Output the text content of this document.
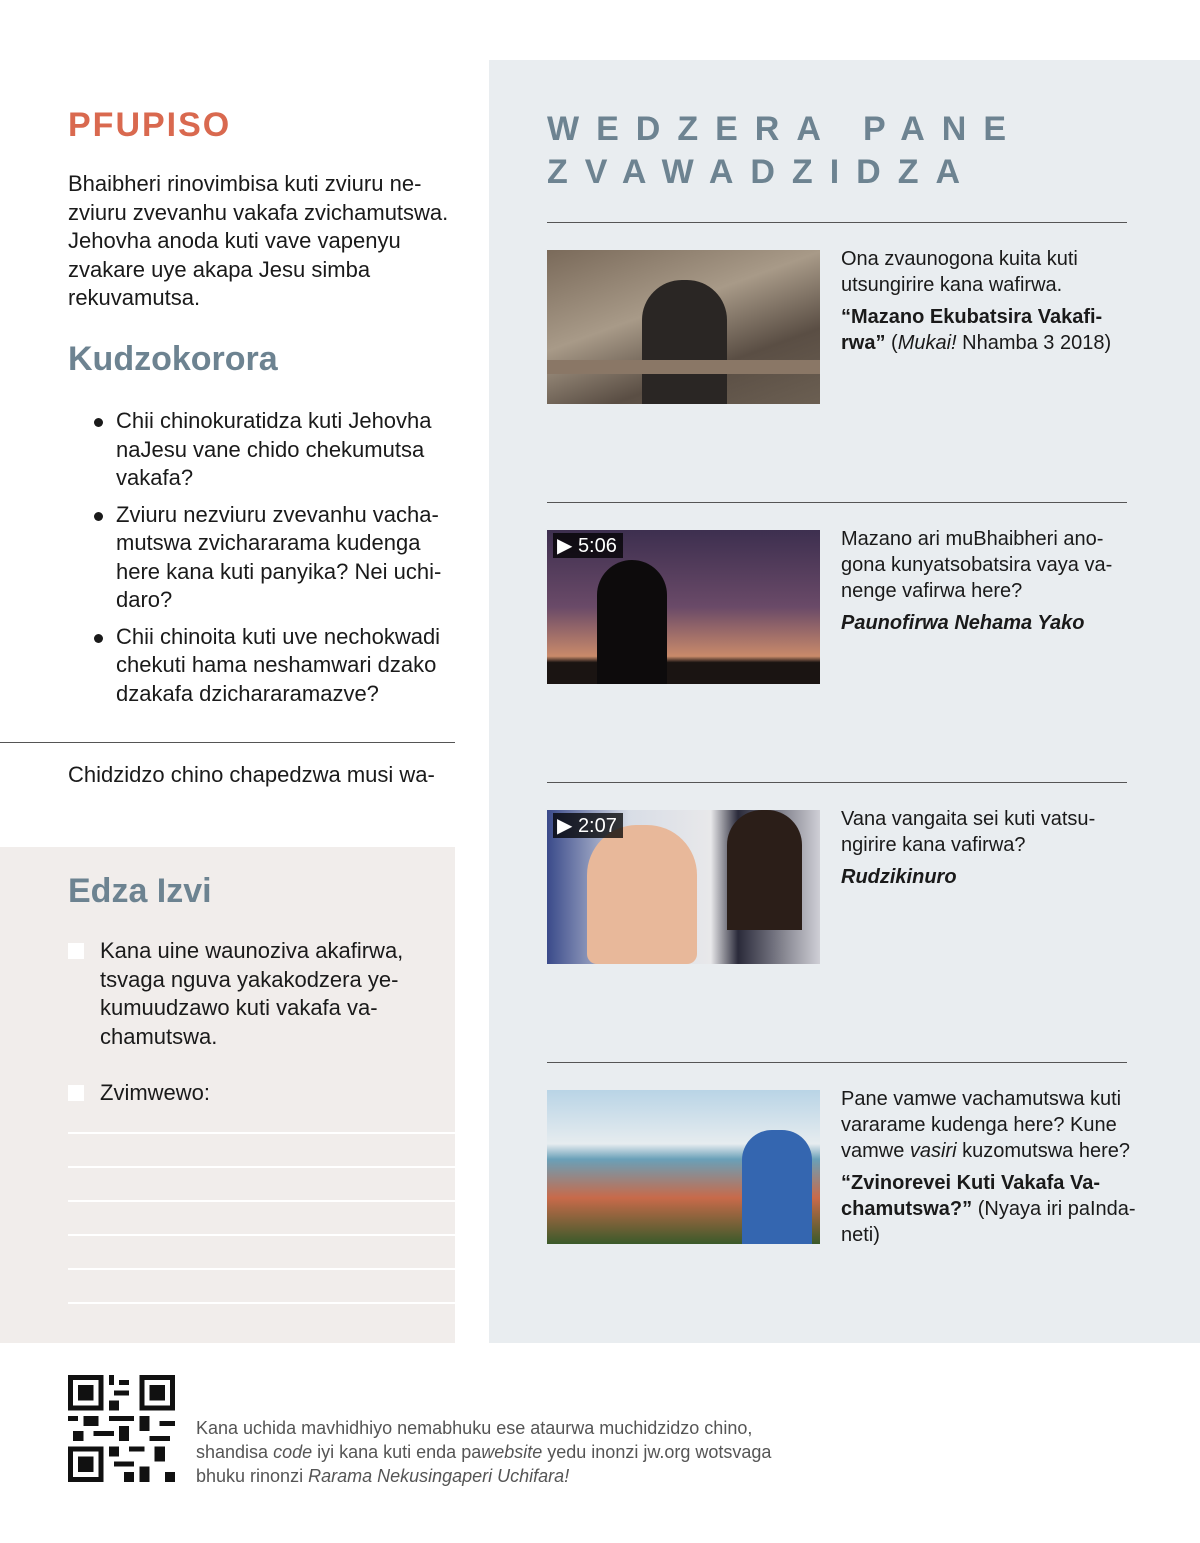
PFUPISO
Bhaibheri rinovimbisa kuti zviuru nezviuru zvevanhu vakafa zvichamutswa. Jehovha anoda kuti vave vapenyu zvakare uye akapa Jesu simba rekuvamutsa.
Kudzokorora
Chii chinokuratidza kuti Jehovha naJesu vane chido chekumutsa vakafa?
Zviuru nezviuru zvevanhu vachamutswa zvichararama kudenga here kana kuti panyika? Nei uchidaro?
Chii chinoita kuti uve nechokwadi chekuti hama neshamwari dzako dzakafa dzichararamazve?
Chidzidzo chino chapedzwa musi wa-
Edza Izvi
Kana uine waunoziva akafirwa, tsvaga nguva yakakodzera yekumuudzawo kuti vakafa vachamutswa.
Zvimwewo:
WEDZERA PANE
ZVAWADZIDZA
Ona zvaunogona kuita kuti utsungirire kana wafirwa.
“Mazano Ekubatsira Vakafirwa” (Mukai! Nhamba 3 2018)
▶ 5:06	Mazano ari muBhaibheri anogona kunyatsobatsira vaya vanenge vafirwa here?
Paunofirwa Nehama Yako
▶ 2:07	Vana vangaita sei kuti vatsungirire kana vafirwa?
Rudzikinuro
Pane vamwe vachamutswa kuti vararame kudenga here? Kune vamwe vasiri kuzomutswa here?
“Zvinorevei Kuti Vakafa Vachamutswa?” (Nyaya iri paIndaneti)
Kana uchida mavhidhiyo nemabhuku ese ataurwa muchidzidzo chino, shandisa code iyi kana kuti enda pawebsite yedu inonzi jw.org wotsvaga bhuku rinonzi Rarama Nekusingaperi Uchifara!
